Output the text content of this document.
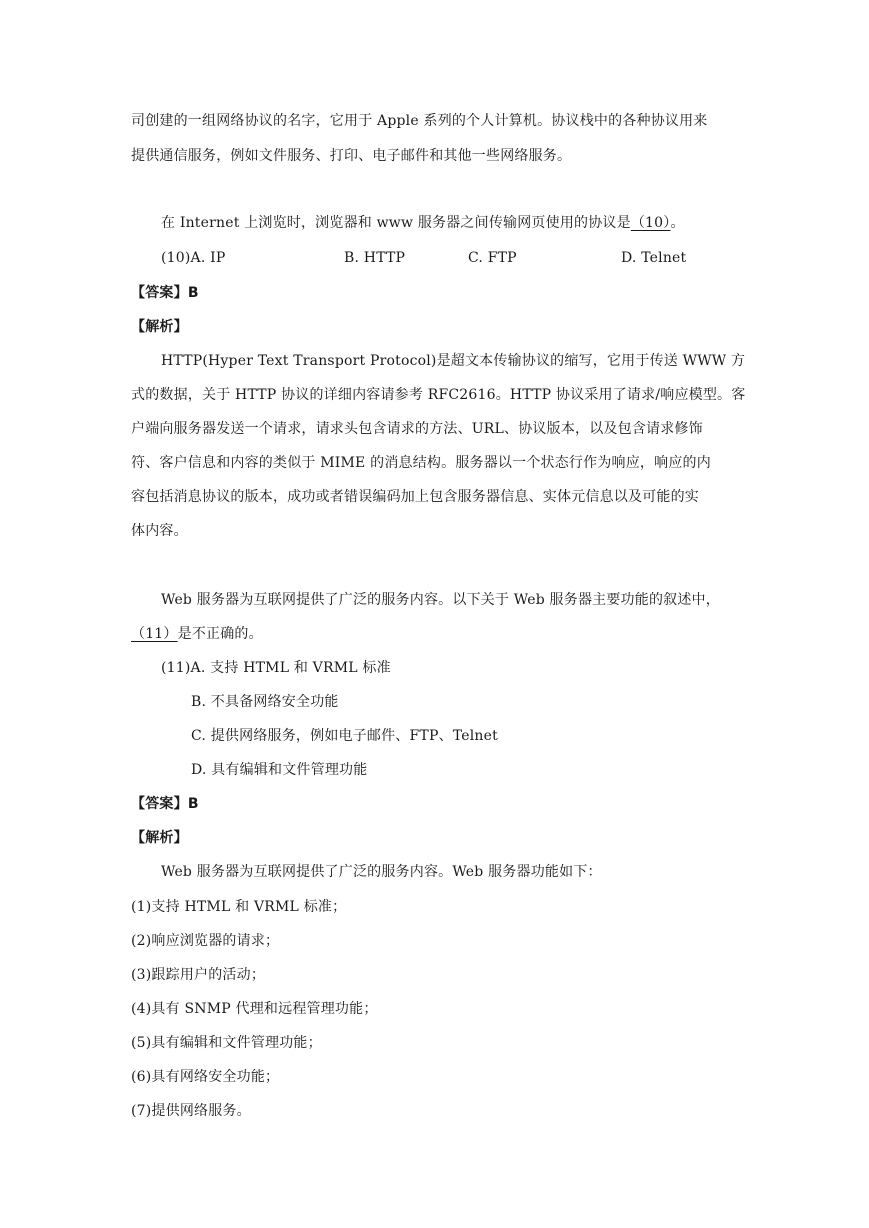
司创建的一组网络协议的名字，它用于 Apple 系列的个人计算机。协议栈中的各种协议用来
提供通信服务，例如文件服务、打印、电子邮件和其他一些网络服务。
在 Internet 上浏览时，浏览器和 www 服务器之间传输网页使用的协议是（10）。
(10)A. IP	B. HTTP	C. FTP	D. Telnet
【答案】B
【解析】
HTTP(Hyper Text Transport Protocol)是超文本传输协议的缩写，它用于传送 WWW 方
式的数据，关于 HTTP 协议的详细内容请参考 RFC2616。HTTP 协议采用了请求/响应模型。客
户端向服务器发送一个请求，请求头包含请求的方法、URL、协议版本，以及包含请求修饰
符、客户信息和内容的类似于 MIME 的消息结构。服务器以一个状态行作为响应，响应的内
容包括消息协议的版本，成功或者错误编码加上包含服务器信息、实体元信息以及可能的实
体内容。
Web 服务器为互联网提供了广泛的服务内容。以下关于 Web 服务器主要功能的叙述中，
（11）是不正确的。
(11)A. 支持 HTML 和 VRML 标准
B. 不具备网络安全功能
C. 提供网络服务，例如电子邮件、FTP、Telnet
D. 具有编辑和文件管理功能
【答案】B
【解析】
Web 服务器为互联网提供了广泛的服务内容。Web 服务器功能如下：
(1)支持 HTML 和 VRML 标准；
(2)响应浏览器的请求；
(3)跟踪用户的活动；
(4)具有 SNMP 代理和远程管理功能；
(5)具有编辑和文件管理功能；
(6)具有网络安全功能；
(7)提供网络服务。
